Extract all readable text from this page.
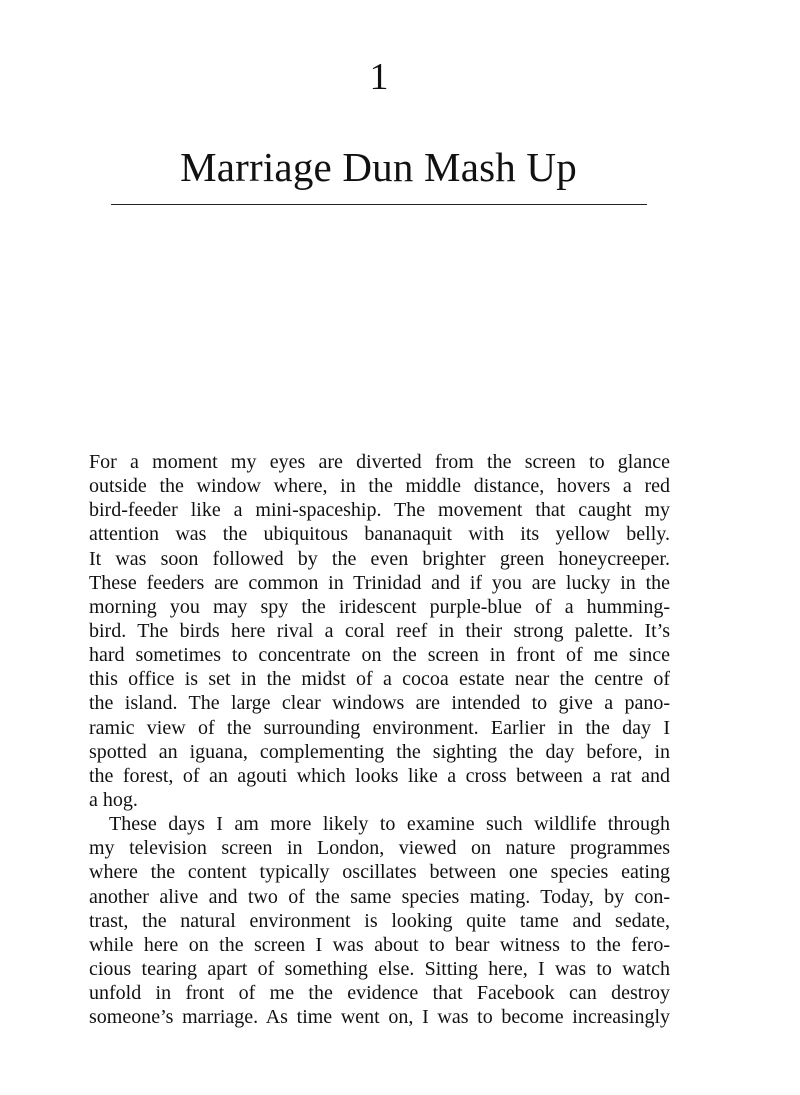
1
Marriage Dun Mash Up
For a moment my eyes are diverted from the screen to glance
outside the window where, in the middle distance, hovers a red
bird-feeder like a mini-spaceship. The movement that caught my
attention was the ubiquitous bananaquit with its yellow belly.
It was soon followed by the even brighter green honeycreeper.
These feeders are common in Trinidad and if you are lucky in the
morning you may spy the iridescent purple-blue of a humming-
bird. The birds here rival a coral reef in their strong palette. It’s
hard sometimes to concentrate on the screen in front of me since
this office is set in the midst of a cocoa estate near the centre of
the island. The large clear windows are intended to give a pano-
ramic view of the surrounding environment. Earlier in the day I
spotted an iguana, complementing the sighting the day before, in
the forest, of an agouti which looks like a cross between a rat and
a hog.
These days I am more likely to examine such wildlife through
my television screen in London, viewed on nature programmes
where the content typically oscillates between one species eating
another alive and two of the same species mating. Today, by con-
trast, the natural environment is looking quite tame and sedate,
while here on the screen I was about to bear witness to the fero-
cious tearing apart of something else. Sitting here, I was to watch
unfold in front of me the evidence that Facebook can destroy
someone’s marriage. As time went on, I was to become increasingly
